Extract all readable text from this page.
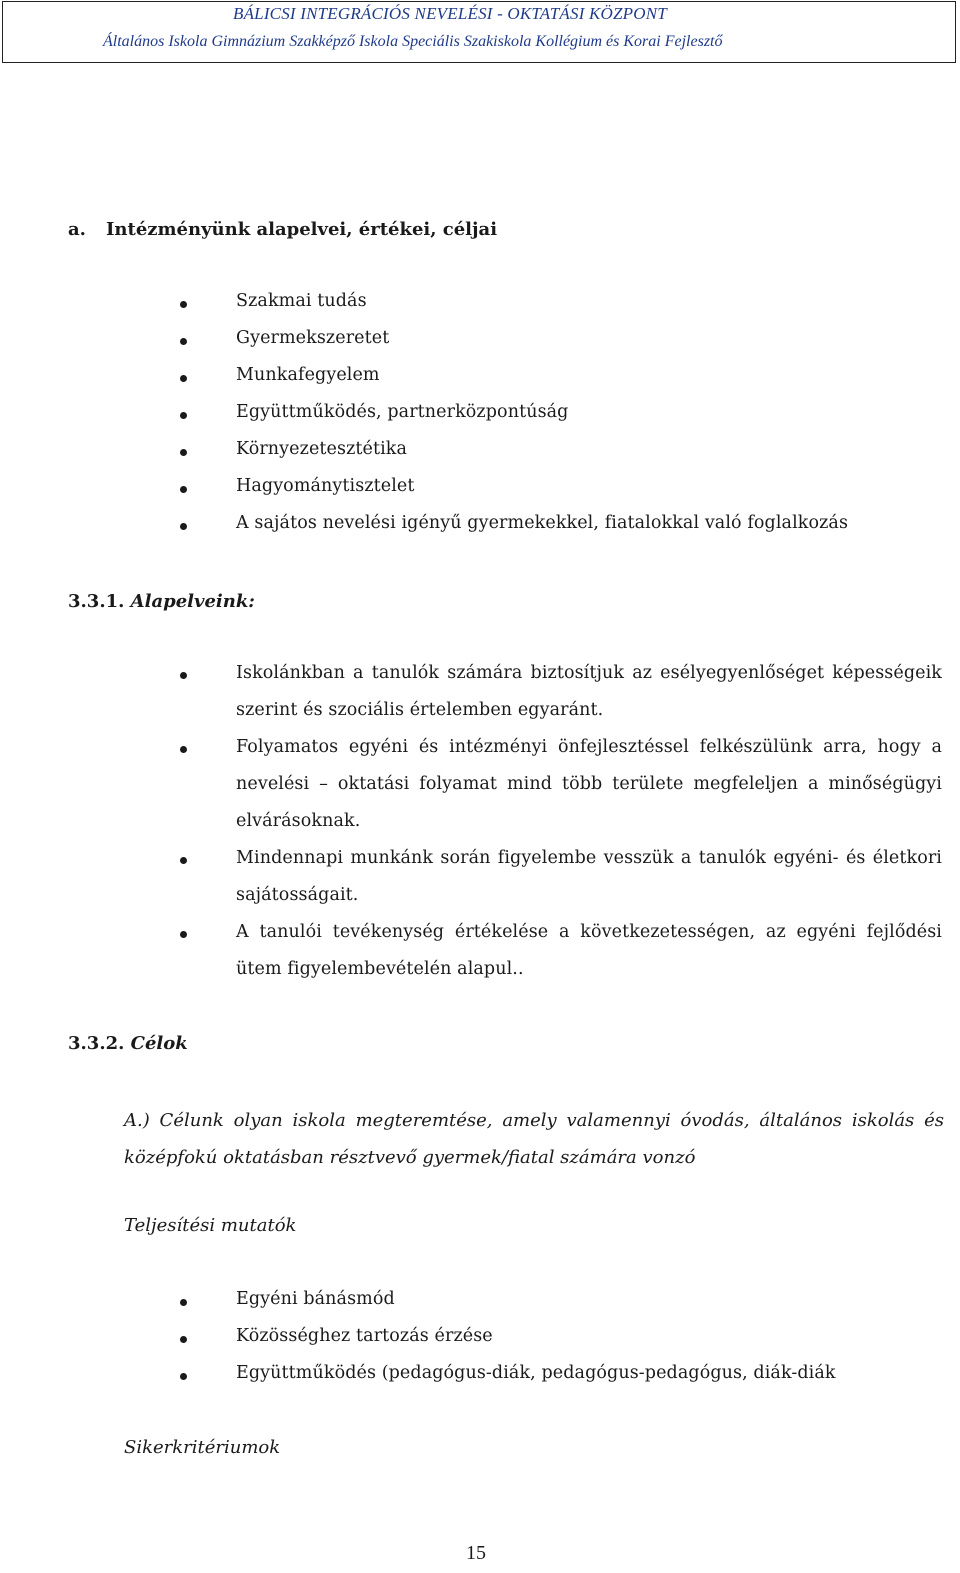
BÁLICSI INTEGRÁCIÓS NEVELÉSI - OKTATÁSI KÖZPONT
Általános Iskola Gimnázium Szakképző Iskola Speciális Szakiskola Kollégium és Korai Fejlesztő
a. Intézményünk alapelvei, értékei, céljai
Szakmai tudás
Gyermekszeretet
Munkafegyelem
Együttműködés, partnerközpontúság
Környezetesztétika
Hagyománytisztelet
A sajátos nevelési igényű gyermekekkel, fiatalokkal való foglalkozás
3.3.1. Alapelveink:
Iskolánkban a tanulók számára biztosítjuk az esélyegyenlőséget képességeik szerint és szociális értelemben egyaránt.
Folyamatos egyéni és intézményi önfejlesztéssel felkészülünk arra, hogy a nevelési – oktatási folyamat mind több területe megfeleljen a minőségügyi elvárásoknak.
Mindennapi munkánk során figyelembe vesszük a tanulók egyéni- és életkori sajátosságait.
A tanulói tevékenység értékelése a következetességen, az egyéni fejlődési ütem figyelembevételén alapul..
3.3.2. Célok
A.) Célunk olyan iskola megteremtése, amely valamennyi óvodás, általános iskolás és középfokú oktatásban résztvevő gyermek/fiatal számára vonzó
Teljesítési mutatók
Egyéni bánásmód
Közösséghez tartozás érzése
Együttműködés (pedagógus-diák, pedagógus-pedagógus, diák-diák
Sikerkritériumok
15
